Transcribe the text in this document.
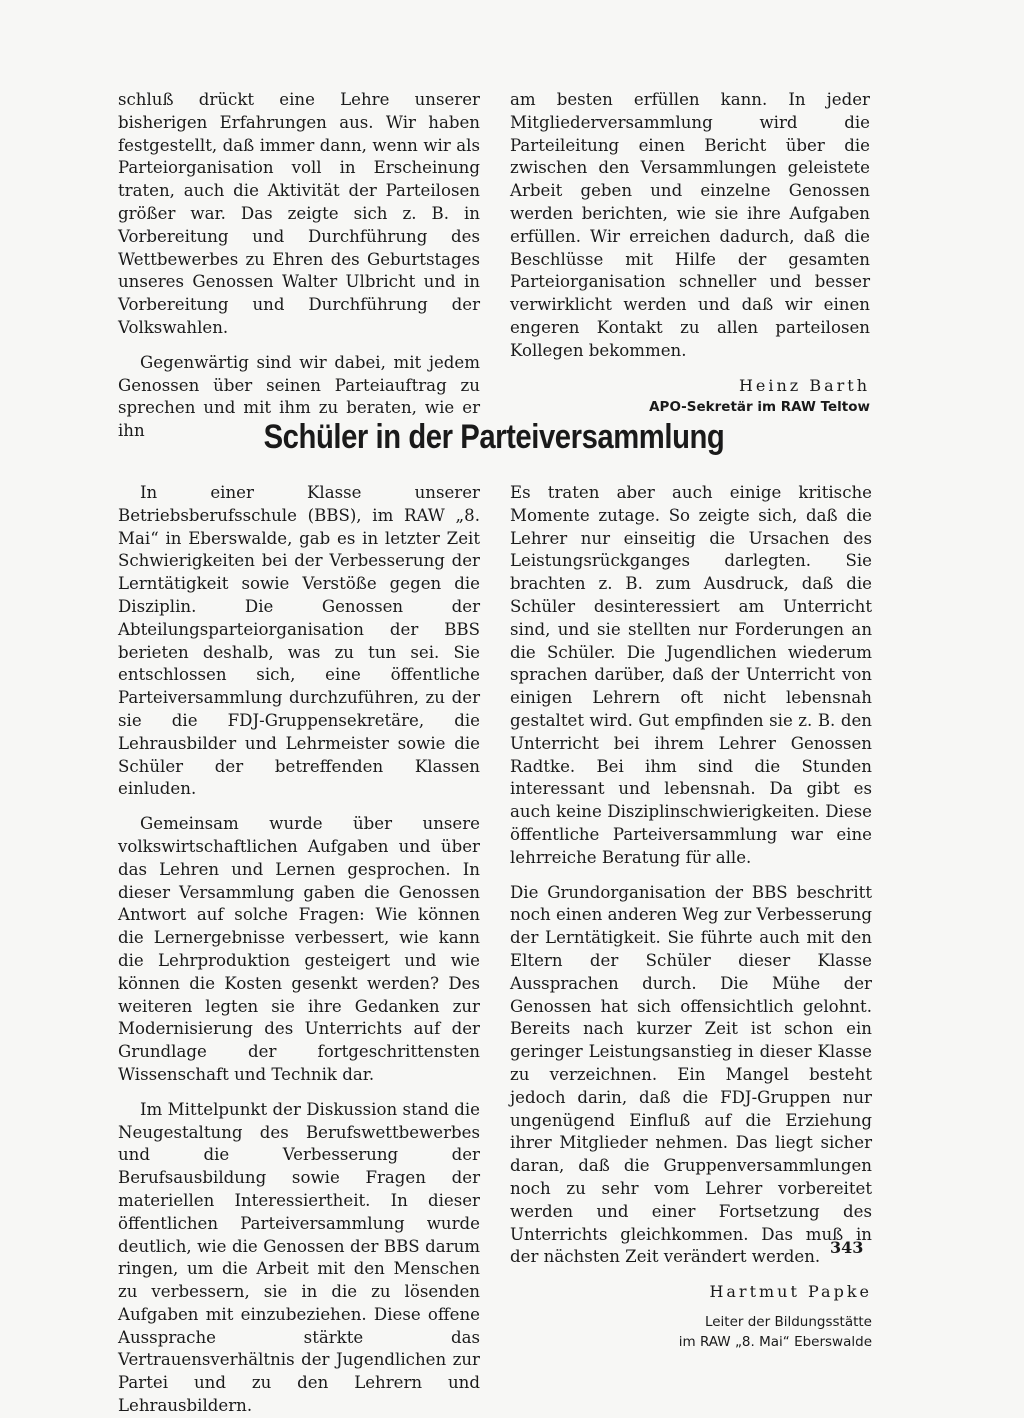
schluß drückt eine Lehre unserer bisherigen Erfahrungen aus. Wir haben festgestellt, daß immer dann, wenn wir als Parteiorganisation voll in Erscheinung traten, auch die Aktivität der Parteilosen größer war. Das zeigte sich z. B. in Vorbereitung und Durchführung des Wettbewerbes zu Ehren des Geburtstages unseres Genossen Walter Ulbricht und in Vorbereitung und Durchführung der Volkswahlen.

Gegenwärtig sind wir dabei, mit jedem Genossen über seinen Parteiauftrag zu sprechen und mit ihm zu beraten, wie er ihn

am besten erfüllen kann. In jeder Mitgliederversammlung wird die Parteileitung einen Bericht über die zwischen den Versammlungen geleistete Arbeit geben und einzelne Genossen werden berichten, wie sie ihre Aufgaben erfüllen. Wir erreichen dadurch, daß die Beschlüsse mit Hilfe der gesamten Parteiorganisation schneller und besser verwirklicht werden und daß wir einen engeren Kontakt zu allen parteilosen Kollegen bekommen.

Heinz Barth
APO-Sekretär im RAW Teltow
Schüler in der Parteiversammlung

In einer Klasse unserer Betriebsberufsschule (BBS), im RAW „8. Mai“ in Eberswalde, gab es in letzter Zeit Schwierigkeiten bei der Verbesserung der Lerntätigkeit sowie Verstöße gegen die Disziplin. Die Genossen der Abteilungsparteiorganisation der BBS berieten deshalb, was zu tun sei. Sie entschlossen sich, eine öffentliche Parteiversammlung durchzuführen, zu der sie die FDJ-Gruppensekretäre, die Lehrausbilder und Lehrmeister sowie die Schüler der betreffenden Klassen einluden.

Gemeinsam wurde über unsere volkswirtschaftlichen Aufgaben und über das Lehren und Lernen gesprochen. In dieser Versammlung gaben die Genossen Antwort auf solche Fragen: Wie können die Lernergebnisse verbessert, wie kann die Lehrproduktion gesteigert und wie können die Kosten gesenkt werden? Des weiteren legten sie ihre Gedanken zur Modernisierung des Unterrichts auf der Grundlage der fortgeschrittensten Wissenschaft und Technik dar.

Im Mittelpunkt der Diskussion stand die Neugestaltung des Berufswettbewerbes und die Verbesserung der Berufsausbildung sowie Fragen der materiellen Interessiertheit. In dieser öffentlichen Parteiversammlung wurde deutlich, wie die Genossen der BBS darum ringen, um die Arbeit mit den Menschen zu verbessern, sie in die zu lösenden Aufgaben mit einzubeziehen. Diese offene Aussprache stärkte das Vertrauensverhältnis der Jugendlichen zur Partei und zu den Lehrern und Lehrausbildern.

Es traten aber auch einige kritische Momente zutage. So zeigte sich, daß die Lehrer nur einseitig die Ursachen des Leistungsrückganges darlegten. Sie brachten z. B. zum Ausdruck, daß die Schüler desinteressiert am Unterricht sind, und sie stellten nur Forderungen an die Schüler. Die Jugendlichen wiederum sprachen darüber, daß der Unterricht von einigen Lehrern oft nicht lebensnah gestaltet wird. Gut empfinden sie z. B. den Unterricht bei ihrem Lehrer Genossen Radtke. Bei ihm sind die Stunden interessant und lebensnah. Da gibt es auch keine Disziplinschwierigkeiten. Diese öffentliche Parteiversammlung war eine lehrreiche Beratung für alle.

Die Grundorganisation der BBS beschritt noch einen anderen Weg zur Verbesserung der Lerntätigkeit. Sie führte auch mit den Eltern der Schüler dieser Klasse Aussprachen durch. Die Mühe der Genossen hat sich offensichtlich gelohnt. Bereits nach kurzer Zeit ist schon ein geringer Leistungsanstieg in dieser Klasse zu verzeichnen. Ein Mangel besteht jedoch darin, daß die FDJ-Gruppen nur ungenügend Einfluß auf die Erziehung ihrer Mitglieder nehmen. Das liegt sicher daran, daß die Gruppenversammlungen noch zu sehr vom Lehrer vorbereitet werden und einer Fortsetzung des Unterrichts gleichkommen. Das muß in der nächsten Zeit verändert werden.

Hartmut Papke
Leiter der Bildungsstätte
im RAW „8. Mai“ Eberswalde
343
